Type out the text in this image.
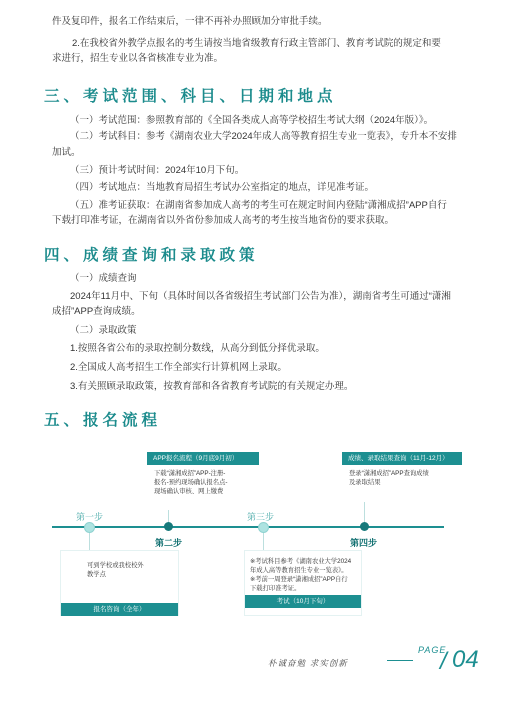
件及复印件，报名工作结束后，一律不再补办照顾加分审批手续。

2.在我校省外教学点报名的考生请按当地省级教育行政主管部门、教育考试院的规定和要

求进行，招生专业以各省核准专业为准。

三、考试范围、科目、日期和地点

（一）考试范围：参照教育部的《全国各类成人高等学校招生考试大纲（2024年版）》。

（二）考试科目：参考《湖南农业大学2024年成人高等教育招生专业一览表》，专升本不安排

加试。

（三）预计考试时间：2024年10月下旬。

（四）考试地点：当地教育局招生考试办公室指定的地点，详见准考证。

（五）准考证获取：在湖南省参加成人高考的考生可在规定时间内登陆“潇湘成招”APP自行

下载打印准考证，在湖南省以外省份参加成人高考的考生按当地省份的要求获取。

四、成绩查询和录取政策

（一）成绩查询

2024年11月中、下旬（具体时间以各省级招生考试部门公告为准），湖南省考生可通过“潇湘

成招”APP查询成绩。

（二）录取政策

1.按照各省公布的录取控制分数线，从高分到低分择优录取。

2.全国成人高考招生工作全部实行计算机网上录取。

3.有关照顾录取政策，按教育部和各省教育考试院的有关规定办理。

五、报名流程
APP报名流程（9月底9月初）
下载“潇湘成招”APP-注册-
报名-预约现场确认报名点-
现场确认审核、网上缴费
成绩、录取结果查询（11月-12月）
登录“潇湘成招”APP查询成绩
及录取结果
第一步
第二步
第三步
第四步
可到学校或我校校外
教学点
报名咨询（全年）
※考试科目参考《湖南农业大学2024
年成人高等教育招生专业一览表》。
※考前一周登录“潇湘成招”APP自行
下载打印准考证。
考试（10月下旬）
朴诚奋勉 求实创新
PAGE
/ 04
